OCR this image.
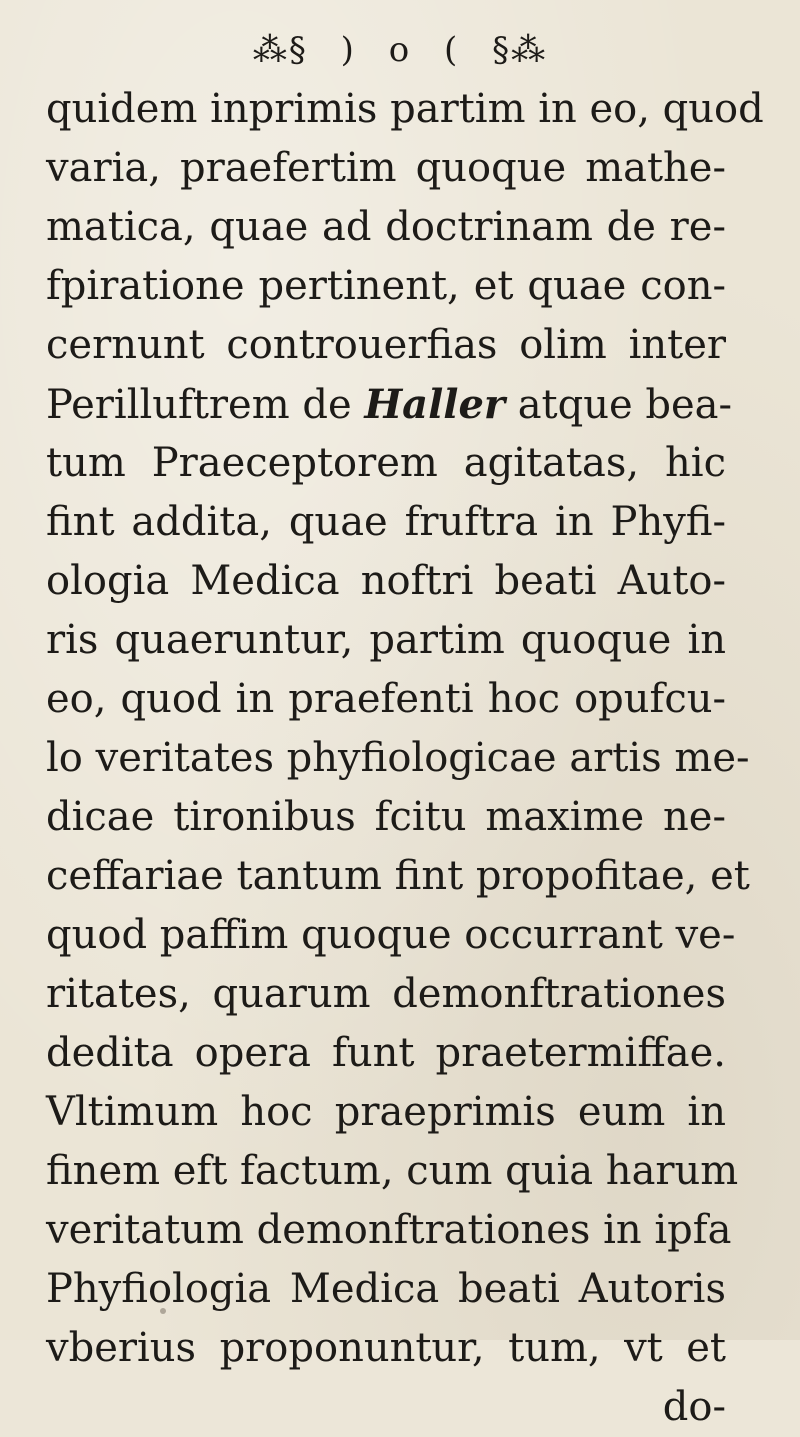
⁂§ ) o ( §⁂
quidem inprimis partim in eo, quod
varia, praefertim quoque mathe-
matica, quae ad doctrinam de re-
fpiratione pertinent, et quae con-
cernunt controuerfias olim inter
Perilluftrem de Haller atque bea-
tum Praeceptorem agitatas, hic
fint addita, quae fruftra in Phyfi-
ologia Medica noftri beati Auto-
ris quaeruntur, partim quoque in
eo, quod in praefenti hoc opufcu-
lo veritates phyfiologicae artis me-
dicae tironibus fcitu maxime ne-
ceffariae tantum fint propofitae, et
quod paffim quoque occurrant ve-
ritates, quarum demonftrationes
dedita opera funt praetermiffae.
Vltimum hoc praeprimis eum in
finem eft factum, cum quia harum
veritatum demonftrationes in ipfa
Phyfiologia Medica beati Autoris
vberius proponuntur, tum, vt et
do-
